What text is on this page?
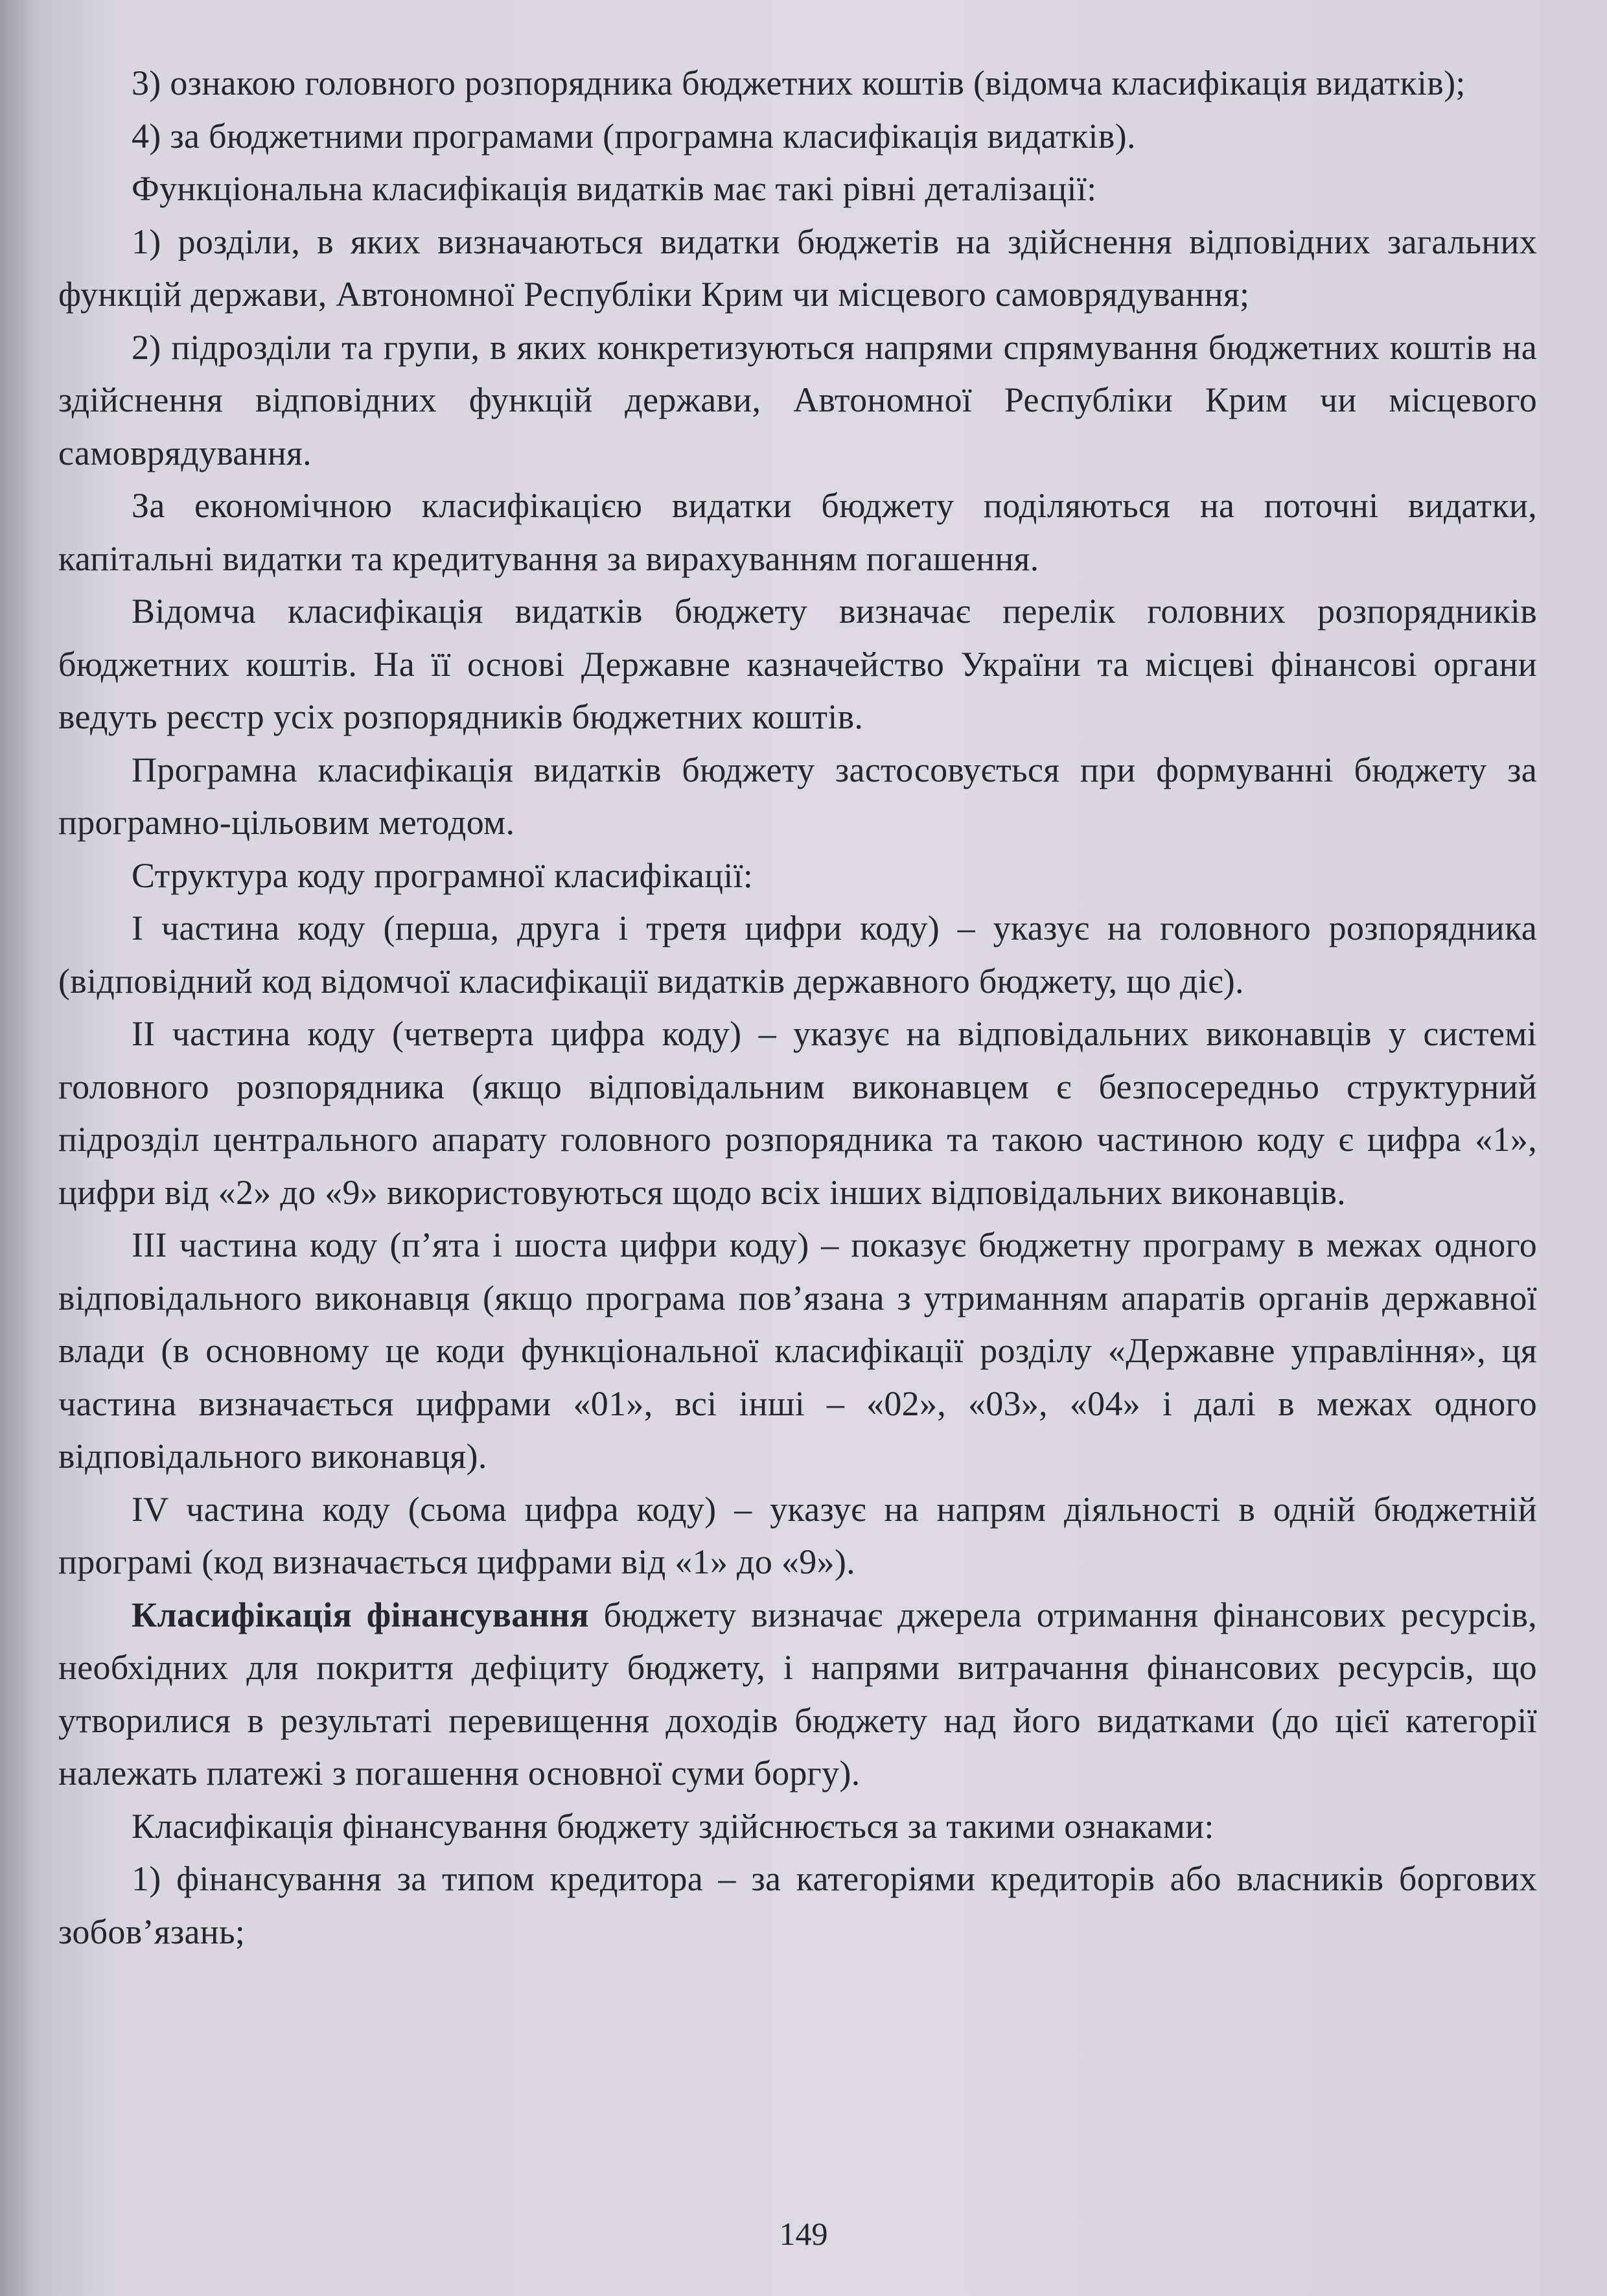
3) ознакою головного розпорядника бюджетних коштів (відомча класифікація видатків);

4) за бюджетними програмами (програмна класифікація видатків).

Функціональна класифікація видатків має такі рівні деталізації:

1) розділи, в яких визначаються видатки бюджетів на здійснення відповідних загальних функцій держави, Автономної Республіки Крим чи місцевого самоврядування;

2) підрозділи та групи, в яких конкретизуються напрями спрямування бюджетних коштів на здійснення відповідних функцій держави, Автономної Республіки Крим чи місцевого самоврядування.

За економічною класифікацією видатки бюджету поділяються на поточні видатки, капітальні видатки та кредитування за вирахуванням погашення.

Відомча класифікація видатків бюджету визначає перелік головних розпорядників бюджетних коштів. На її основі Державне казначейство України та місцеві фінансові органи ведуть реєстр усіх розпорядників бюджетних коштів.

Програмна класифікація видатків бюджету застосовується при формуванні бюджету за програмно-цільовим методом.

Структура коду програмної класифікації:

І частина коду (перша, друга і третя цифри коду) – указує на головного розпорядника (відповідний код відомчої класифікації видатків державного бюджету, що діє).

ІІ частина коду (четверта цифра коду) – указує на відповідальних виконавців у системі головного розпорядника (якщо відповідальним виконавцем є безпосередньо структурний підрозділ центрального апарату головного розпорядника та такою частиною коду є цифра «1», цифри від «2» до «9» використовуються щодо всіх інших відповідальних виконавців.

ІІІ частина коду (п’ята і шоста цифри коду) – показує бюджетну програму в межах одного відповідального виконавця (якщо програма пов’язана з утриманням апаратів органів державної влади (в основному це коди функціональної класифікації розділу «Державне управління», ця частина визначається цифрами «01», всі інші – «02», «03», «04» і далі в межах одного відповідального виконавця).

ІV частина коду (сьома цифра коду) – указує на напрям діяльності в одній бюджетній програмі (код визначається цифрами від «1» до «9»).

Класифікація фінансування бюджету визначає джерела отримання фінансових ресурсів, необхідних для покриття дефіциту бюджету, і напрями витрачання фінансових ресурсів, що утворилися в результаті перевищення доходів бюджету над його видатками (до цієї категорії належать платежі з погашення основної суми боргу).

Класифікація фінансування бюджету здійснюється за такими ознаками:

1) фінансування за типом кредитора – за категоріями кредиторів або власників боргових зобов’язань;

149
